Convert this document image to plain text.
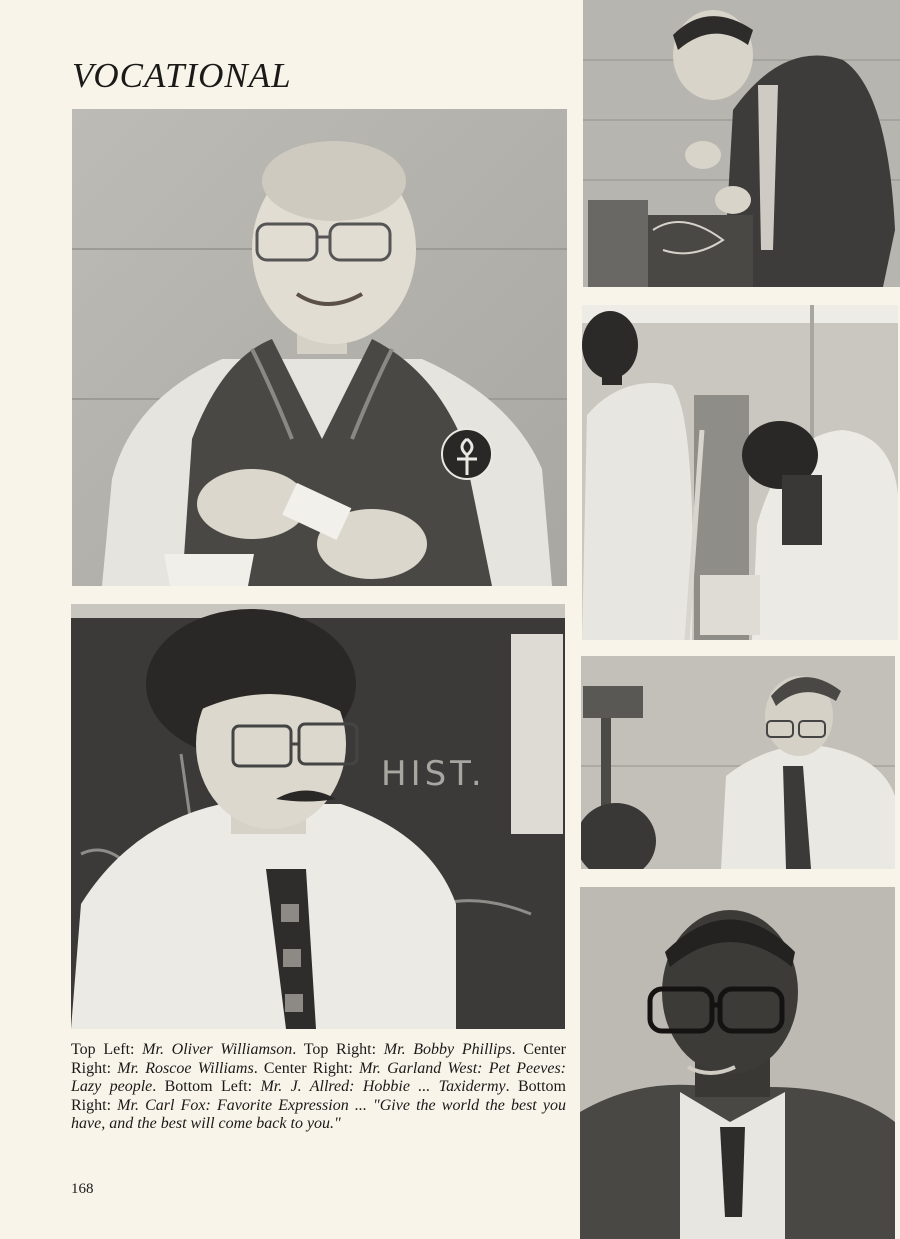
VOCATIONAL
HIST.
Top Left: Mr. Oliver Williamson. Top Right: Mr. Bobby Phillips. Center Right: Mr. Roscoe Williams. Center Right: Mr. Garland West: Pet Peeves: Lazy people. Bottom Left: Mr. J. Allred: Hobbie ... Taxidermy. Bottom Right: Mr. Carl Fox: Favorite Expression ... "Give the world the best you have, and the best will come back to you."
168
